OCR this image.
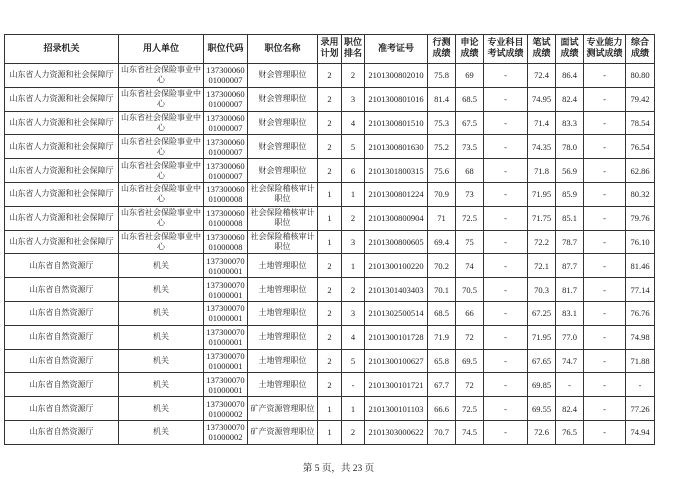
招录机关	用人单位	职位代码	职位名称	录用计划	职位排名	准考证号	行测成绩	申论成绩	专业科目考试成绩	笔试成绩	面试成绩	专业能力测试成绩	综合成绩
山东省人力资源和社会保障厅	山东省社会保险事业中心	13730006001000007	财会管理职位	2	2	2101300802010	75.8	69	-	72.4	86.4	-	80.80
山东省人力资源和社会保障厅	山东省社会保险事业中心	13730006001000007	财会管理职位	2	3	2101300801016	81.4	68.5	-	74.95	82.4	-	79.42
山东省人力资源和社会保障厅	山东省社会保险事业中心	13730006001000007	财会管理职位	2	4	2101300801510	75.3	67.5	-	71.4	83.3	-	78.54
山东省人力资源和社会保障厅	山东省社会保险事业中心	13730006001000007	财会管理职位	2	5	2101300801630	75.2	73.5	-	74.35	78.0	-	76.54
山东省人力资源和社会保障厅	山东省社会保险事业中心	13730006001000007	财会管理职位	2	6	2101301800315	75.6	68	-	71.8	56.9	-	62.86
山东省人力资源和社会保障厅	山东省社会保险事业中心	13730006001000008	社会保险稽核审计职位	1	1	2101300801224	70.9	73	-	71.95	85.9	-	80.32
山东省人力资源和社会保障厅	山东省社会保险事业中心	13730006001000008	社会保险稽核审计职位	1	2	2101300800904	71	72.5	-	71.75	85.1	-	79.76
山东省人力资源和社会保障厅	山东省社会保险事业中心	13730006001000008	社会保险稽核审计职位	1	3	2101300800605	69.4	75	-	72.2	78.7	-	76.10
山东省自然资源厅	机关	13730007001000001	土地管理职位	2	1	2101300100220	70.2	74	-	72.1	87.7	-	81.46
山东省自然资源厅	机关	13730007001000001	土地管理职位	2	2	2101301403403	70.1	70.5	-	70.3	81.7	-	77.14
山东省自然资源厅	机关	13730007001000001	土地管理职位	2	3	2101302500514	68.5	66	-	67.25	83.1	-	76.76
山东省自然资源厅	机关	13730007001000001	土地管理职位	2	4	2101300101728	71.9	72	-	71.95	77.0	-	74.98
山东省自然资源厅	机关	13730007001000001	土地管理职位	2	5	2101300100627	65.8	69.5	-	67.65	74.7	-	71.88
山东省自然资源厅	机关	13730007001000001	土地管理职位	2	-	2101300101721	67.7	72	-	69.85	-	-	-
山东省自然资源厅	机关	13730007001000002	矿产资源管理职位	1	1	2101300101103	66.6	72.5	-	69.55	82.4	-	77.26
山东省自然资源厅	机关	13730007001000002	矿产资源管理职位	1	2	2101303000622	70.7	74.5	-	72.6	76.5	-	74.94
第 5 页，共 23 页
